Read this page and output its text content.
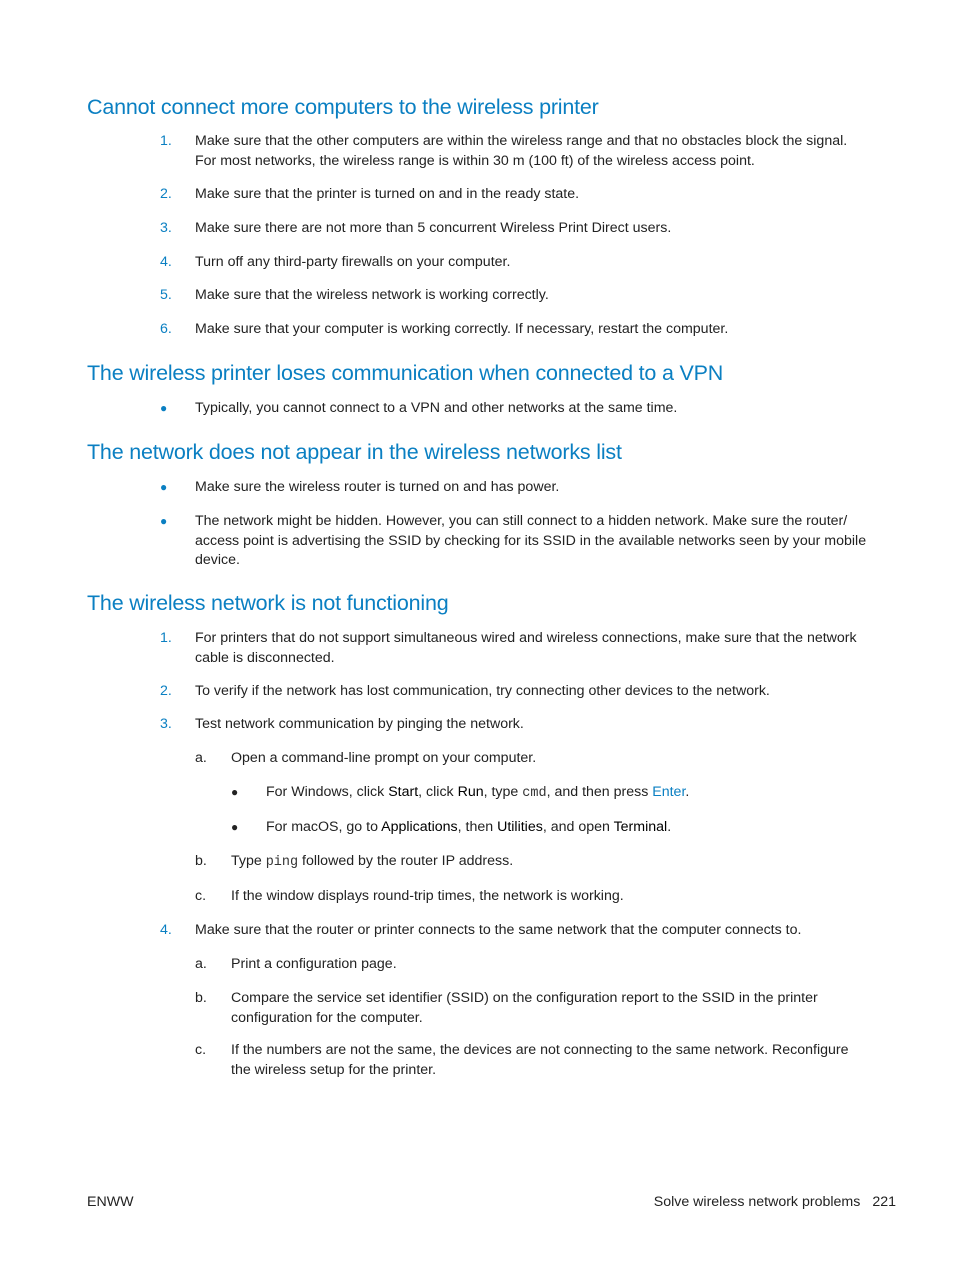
Cannot connect more computers to the wireless printer
1.	Make sure that the other computers are within the wireless range and that no obstacles block the signal.
For most networks, the wireless range is within 30 m (100 ft) of the wireless access point.
2.	Make sure that the printer is turned on and in the ready state.
3.	Make sure there are not more than 5 concurrent Wireless Print Direct users.
4.	Turn off any third-party firewalls on your computer.
5.	Make sure that the wireless network is working correctly.
6.	Make sure that your computer is working correctly. If necessary, restart the computer.
The wireless printer loses communication when connected to a VPN
●	Typically, you cannot connect to a VPN and other networks at the same time.
The network does not appear in the wireless networks list
●	Make sure the wireless router is turned on and has power.
●	The network might be hidden. However, you can still connect to a hidden network. Make sure the router/ access point is advertising the SSID by checking for its SSID in the available networks seen by your mobile device.
The wireless network is not functioning
1.	For printers that do not support simultaneous wired and wireless connections, make sure that the network cable is disconnected.
2.	To verify if the network has lost communication, try connecting other devices to the network.
3.	Test network communication by pinging the network.
a.	Open a command-line prompt on your computer.
●	For Windows, click Start, click Run, type cmd, and then press Enter.
●	For macOS, go to Applications, then Utilities, and open Terminal.
b.	Type ping followed by the router IP address.
c.	If the window displays round-trip times, the network is working.
4.	Make sure that the router or printer connects to the same network that the computer connects to.
a.	Print a configuration page.
b.	Compare the service set identifier (SSID) on the configuration report to the SSID in the printer configuration for the computer.
c.	If the numbers are not the same, the devices are not connecting to the same network. Reconfigure the wireless setup for the printer.
ENWW	Solve wireless network problems 221
